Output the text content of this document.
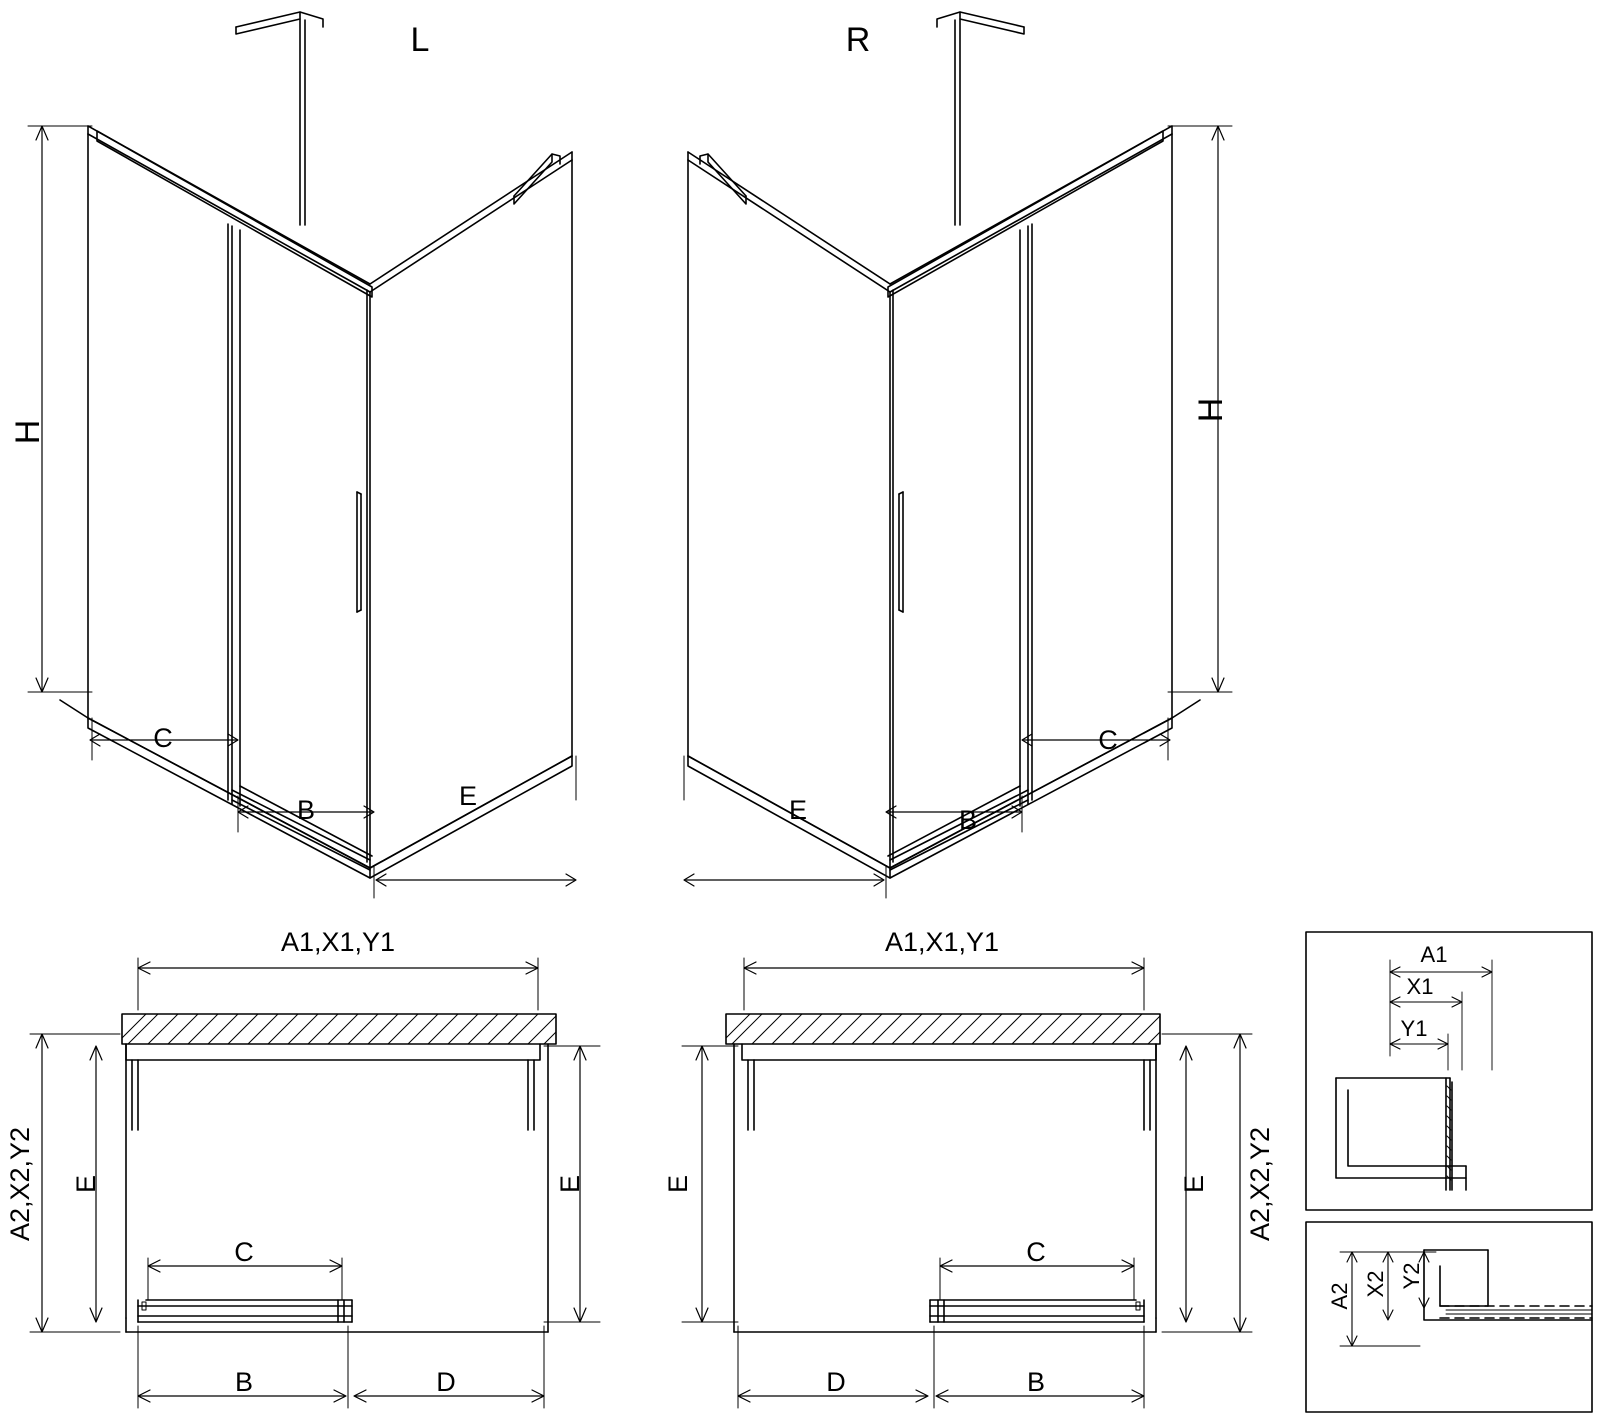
L
H
C
B	E
R
H
E	B
C
A1,X1,Y1
A2,X2,Y2 E	E
C
B	D
A1,X1,Y1
A2,X2,Y2
E
E
C
D	B
A1
X1
Y1
A2 X2 Y2
